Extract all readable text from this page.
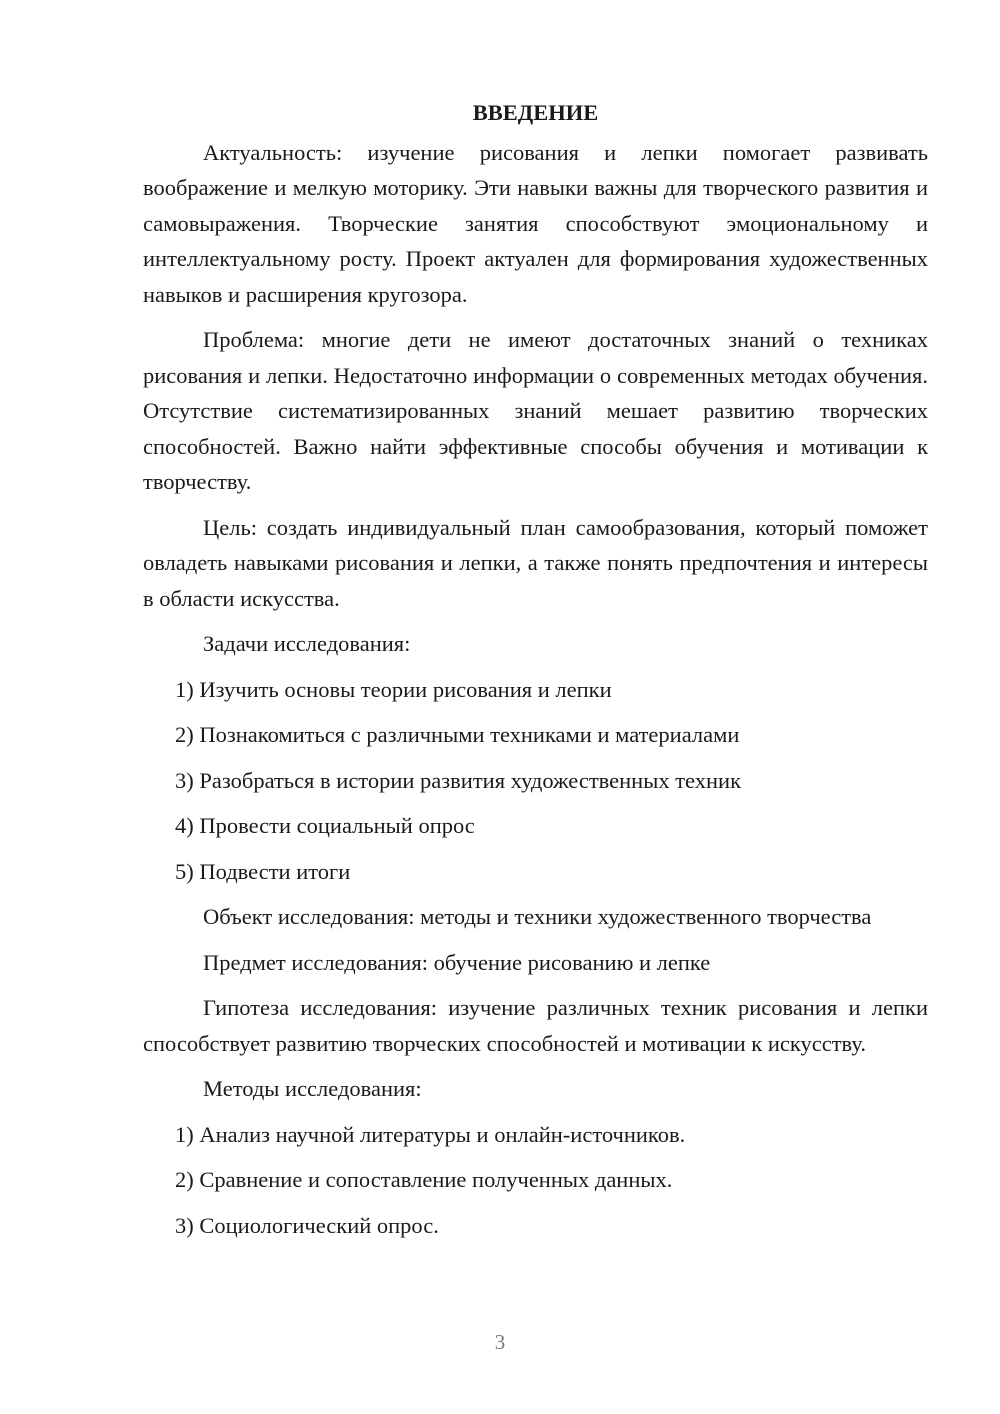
ВВЕДЕНИЕ

Актуальность: изучение рисования и лепки помогает развивать воображение и мелкую моторику. Эти навыки важны для творческого развития и самовыражения. Творческие занятия способствуют эмоциональному и интеллектуальному росту. Проект актуален для формирования художественных навыков и расширения кругозора.

Проблема: многие дети не имеют достаточных знаний о техниках рисования и лепки. Недостаточно информации о современных методах обучения. Отсутствие систематизированных знаний мешает развитию творческих способностей. Важно найти эффективные способы обучения и мотивации к творчеству.

Цель: создать индивидуальный план самообразования, который поможет овладеть навыками рисования и лепки, а также понять предпочтения и интересы в области искусства.

Задачи исследования:

1) Изучить основы теории рисования и лепки
2) Познакомиться с различными техниками и материалами
3) Разобраться в истории развития художественных техник
4) Провести социальный опрос
5) Подвести итоги

Объект исследования: методы и техники художественного творчества

Предмет исследования: обучение рисованию и лепке

Гипотеза исследования: изучение различных техник рисования и лепки способствует развитию творческих способностей и мотивации к искусству.

Методы исследования:

1) Анализ научной литературы и онлайн-источников.
2) Сравнение и сопоставление полученных данных.
3) Социологический опрос.
3
